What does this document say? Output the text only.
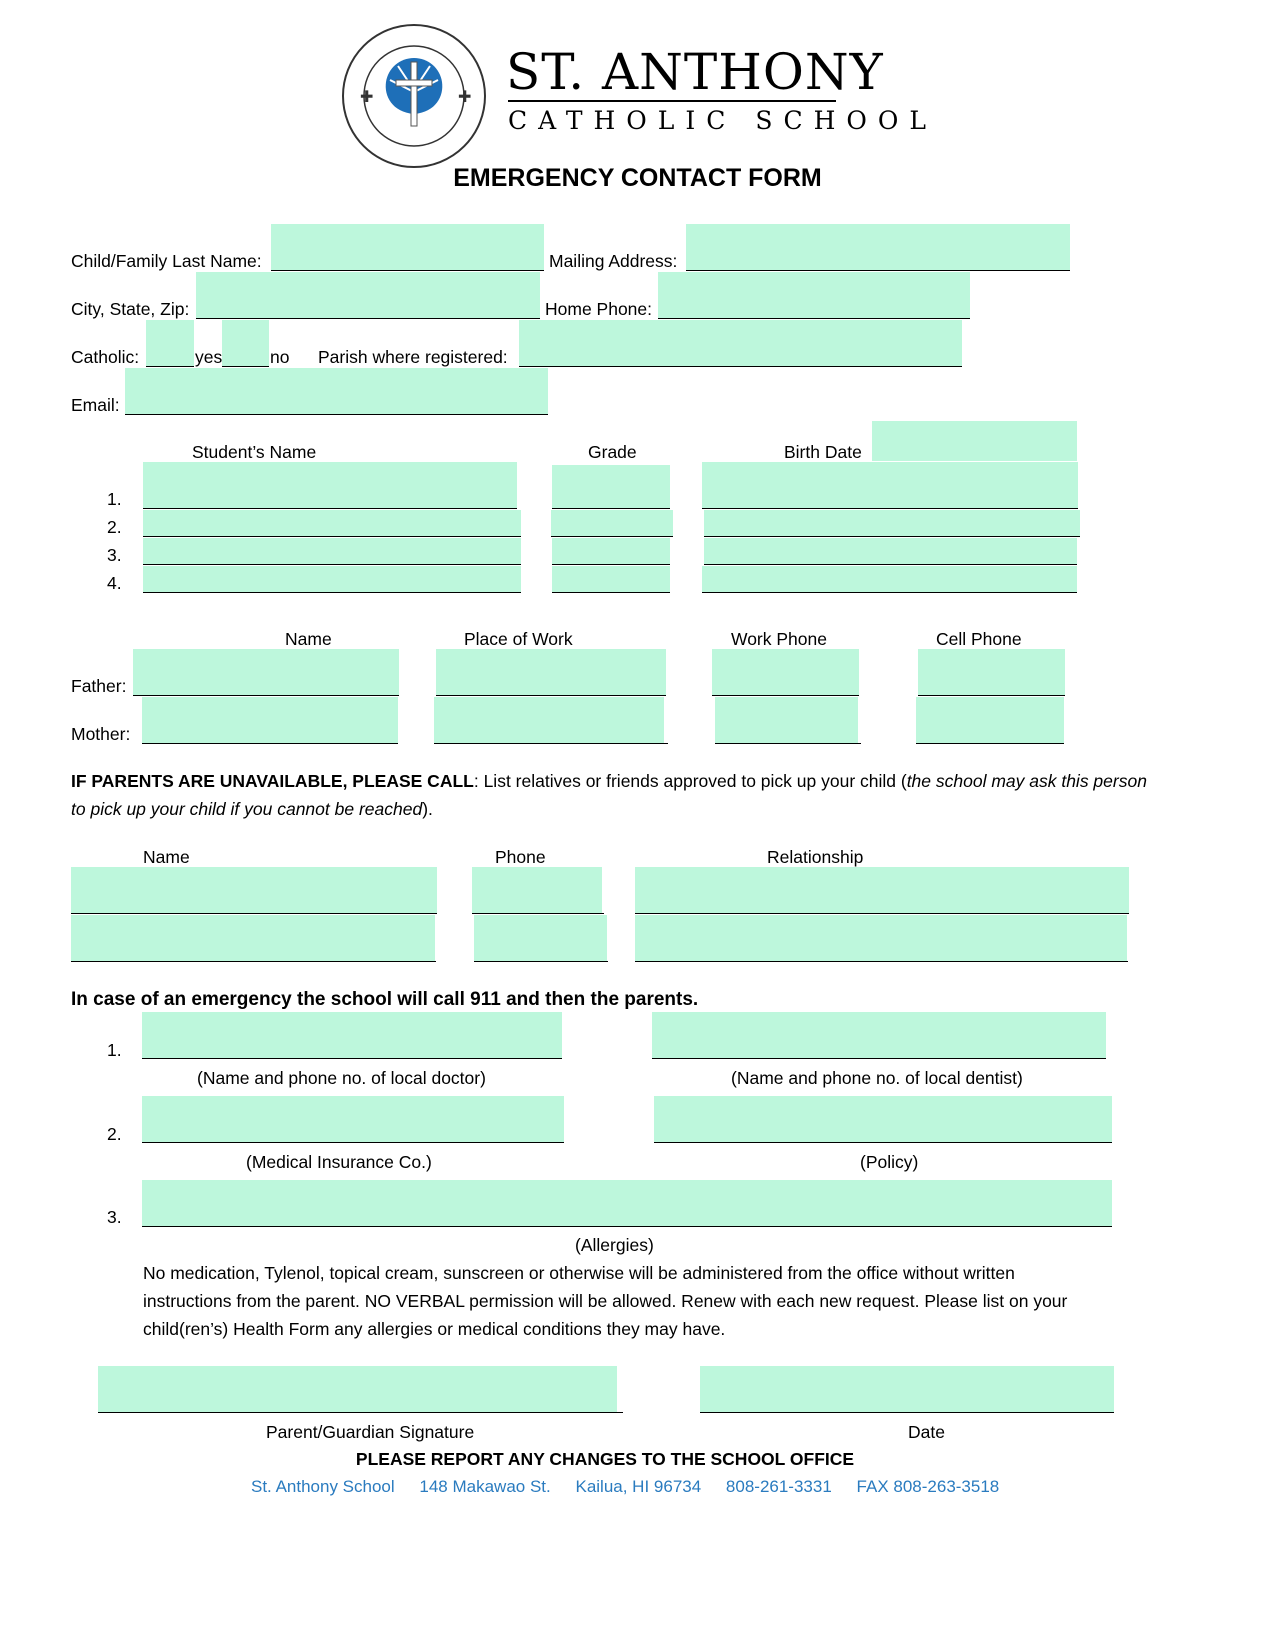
✚	✚ ST. ANTHONY
CATHOLIC SCHOOL
EMERGENCY CONTACT FORM
Child/Family Last Name:	Mailing Address:
City, State, Zip:	Home Phone:
Catholic:	yes	no Parish where registered:
Email:
Student’s Name	Grade	Birth Date
1.
2.
3.
4.
Name	Place of Work	Work Phone	Cell Phone
Father:
Mother:
IF PARENTS ARE UNAVAILABLE, PLEASE CALL: List relatives or friends approved to pick up your child (the school may ask this person
to pick up your child if you cannot be reached).
Name	Phone	Relationship
In case of an emergency the school will call 911 and then the parents.
1.
(Name and phone no. of local doctor)	(Name and phone no. of local dentist)
2.
(Medical Insurance Co.)	(Policy)
3.
(Allergies)
No medication, Tylenol, topical cream, sunscreen or otherwise will be administered from the office without written
instructions from the parent. NO VERBAL permission will be allowed. Renew with each new request. Please list on your
child(ren’s) Health Form any allergies or medical conditions they may have.
Parent/Guardian Signature	Date
PLEASE REPORT ANY CHANGES TO THE SCHOOL OFFICE
St. Anthony School 148 Makawao St. Kailua, HI 96734 808-261-3331 FAX 808-263-3518
